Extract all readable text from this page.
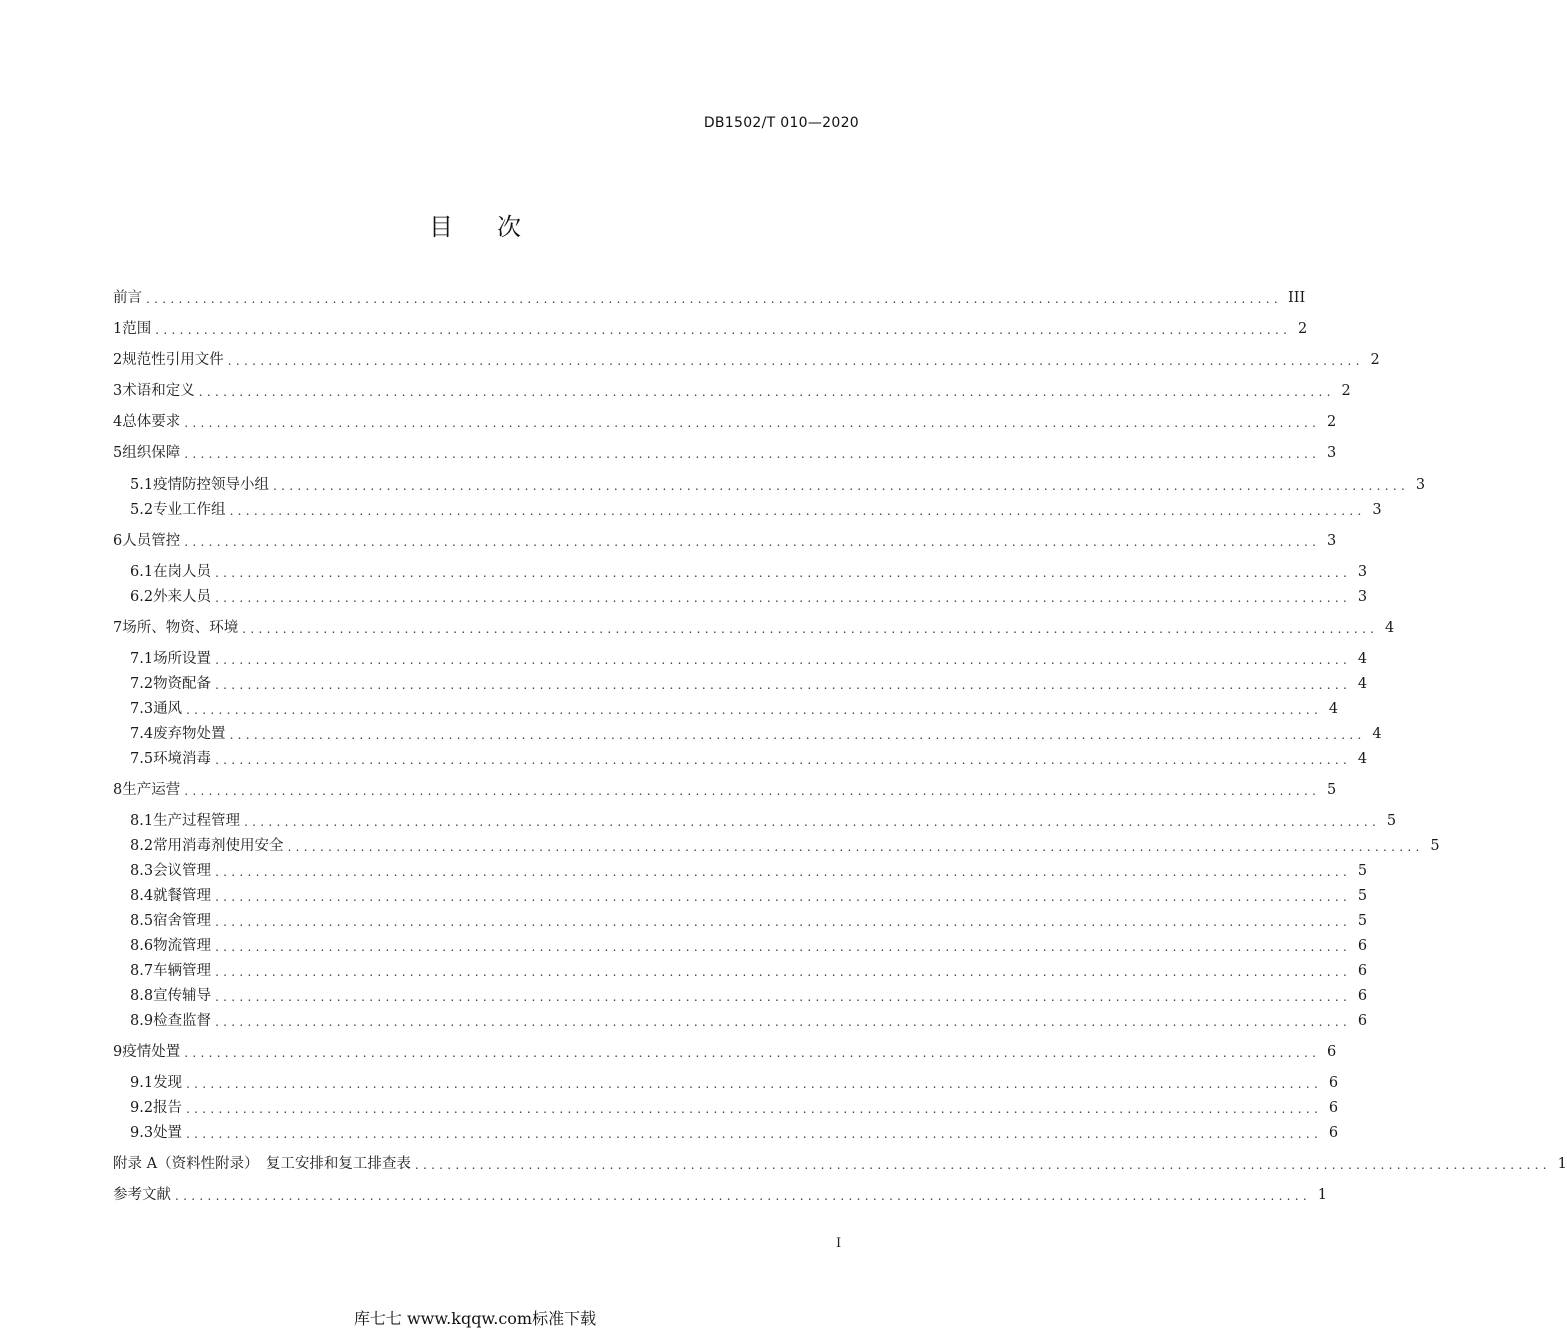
DB1502/T 010—2020
目次
前言 ............................................................................................................................................ III
1 范围 ............................................................................................................................................ 2
2 规范性引用文件 ............................................................................................................................................ 2
3 术语和定义 ............................................................................................................................................ 2
4 总体要求 ............................................................................................................................................ 2
5 组织保障 ............................................................................................................................................ 3
5.1 疫情防控领导小组 ............................................................................................................................................ 3
5.2 专业工作组 ............................................................................................................................................ 3
6 人员管控 ............................................................................................................................................ 3
6.1 在岗人员 ............................................................................................................................................ 3
6.2 外来人员 ............................................................................................................................................ 3
7 场所、物资、环境 ............................................................................................................................................ 4
7.1 场所设置 ............................................................................................................................................ 4
7.2 物资配备 ............................................................................................................................................ 4
7.3 通风 ............................................................................................................................................ 4
7.4 废弃物处置 ............................................................................................................................................ 4
7.5 环境消毒 ............................................................................................................................................ 4
8 生产运营 ............................................................................................................................................ 5
8.1 生产过程管理 ............................................................................................................................................ 5
8.2 常用消毒剂使用安全 ............................................................................................................................................ 5
8.3 会议管理 ............................................................................................................................................ 5
8.4 就餐管理 ............................................................................................................................................ 5
8.5 宿舍管理 ............................................................................................................................................ 5
8.6 物流管理 ............................................................................................................................................ 6
8.7 车辆管理 ............................................................................................................................................ 6
8.8 宣传辅导 ............................................................................................................................................ 6
8.9 检查监督 ............................................................................................................................................ 6
9 疫情处置 ............................................................................................................................................ 6
9.1 发现 ............................................................................................................................................ 6
9.2 报告 ............................................................................................................................................ 6
9.3 处置 ............................................................................................................................................ 6
附录 A（资料性附录）　复工安排和复工排查表 ............................................................................................................................................ 1
参考文献 ............................................................................................................................................ 1
I
库七七 www.kqqw.com标准下载
